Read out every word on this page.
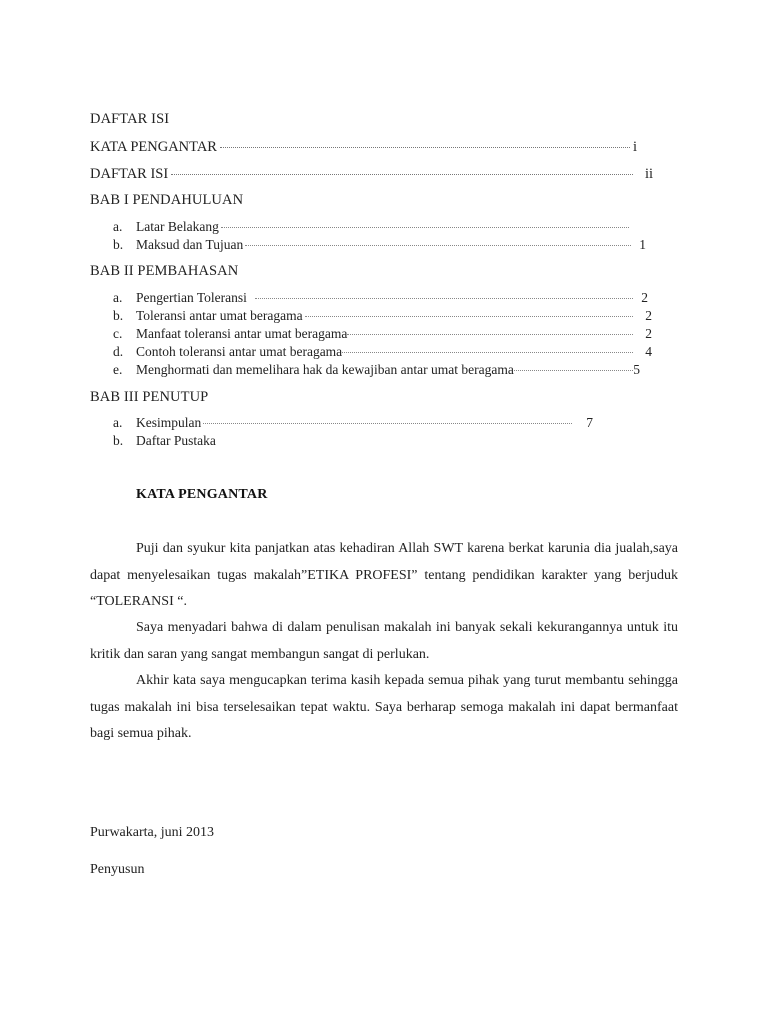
DAFTAR ISI
KATA PENGANTAR	i
DAFTAR ISI	ii
BAB I PENDAHULUAN
a.	Latar Belakang
b. Maksud dan Tujuan	1
BAB II PEMBAHASAN
a.	Pengertian Toleransi	2
b. Toleransi antar umat beragama	2
c.	Manfaat toleransi antar umat beragama	2
d. Contoh toleransi antar umat beragama	4
e.	Menghormati dan memelihara hak da kewajiban antar umat beragama	5
BAB III PENUTUP
a.	Kesimpulan	7
b. Daftar Pustaka
KATA PENGANTAR
Puji dan syukur kita panjatkan atas kehadiran Allah SWT karena berkat karunia dia jualah,saya dapat menyelesaikan tugas makalah”ETIKA PROFESI” tentang pendidikan karakter yang berjuduk “TOLERANSI “.
Saya menyadari bahwa di dalam penulisan makalah ini banyak sekali kekurangannya untuk itu kritik dan saran yang sangat membangun sangat di perlukan.
Akhir kata saya mengucapkan terima kasih kepada semua pihak yang turut membantu sehingga tugas makalah ini bisa terselesaikan tepat waktu. Saya berharap semoga makalah ini dapat bermanfaat bagi semua pihak.
Purwakarta, juni 2013
Penyusun
